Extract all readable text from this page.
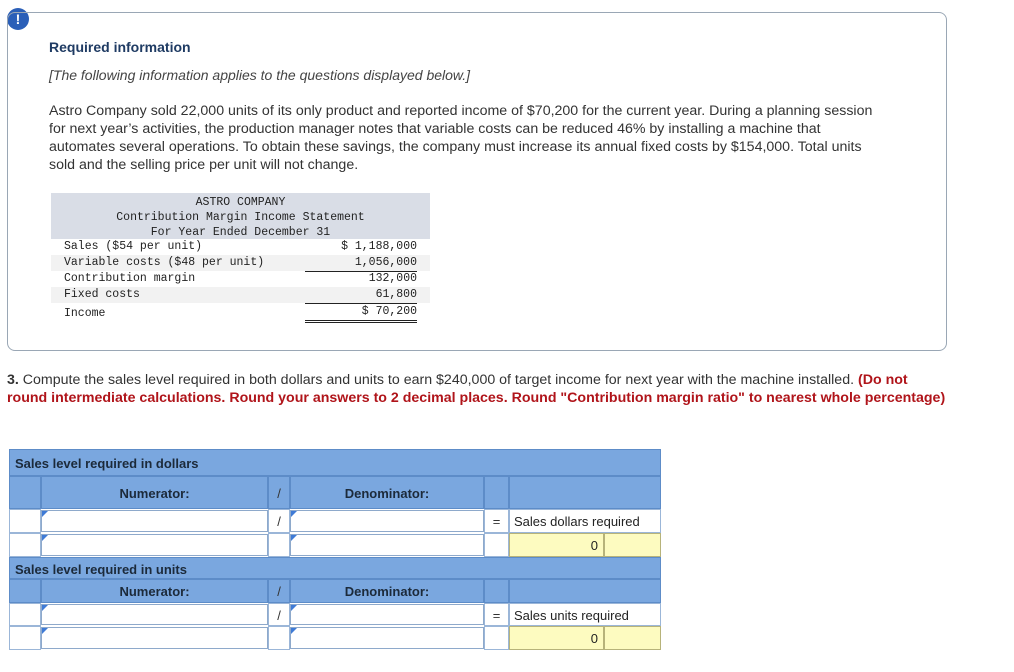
!
Required information
[The following information applies to the questions displayed below.]
Astro Company sold 22,000 units of its only product and reported income of $70,200 for the current year. During a planning session for next year’s activities, the production manager notes that variable costs can be reduced 46% by installing a machine that automates several operations. To obtain these savings, the company must increase its annual fixed costs by $154,000. Total units sold and the selling price per unit will not change.
ASTRO COMPANY
Contribution Margin Income Statement
For Year Ended December 31
Sales ($54 per unit)	$ 1,188,000
Variable costs ($48 per unit)	1,056,000
Contribution margin	132,000
Fixed costs	61,800
Income	$ 70,200
3. Compute the sales level required in both dollars and units to earn $240,000 of target income for next year with the machine installed. (Do not round intermediate calculations. Round your answers to 2 decimal places. Round "Contribution margin ratio" to nearest whole percentage)
Sales level required in dollars
Numerator:	/	Denominator:
/	=	Sales dollars required
0
Sales level required in units
Numerator:	/	Denominator:
/	=	Sales units required
0
